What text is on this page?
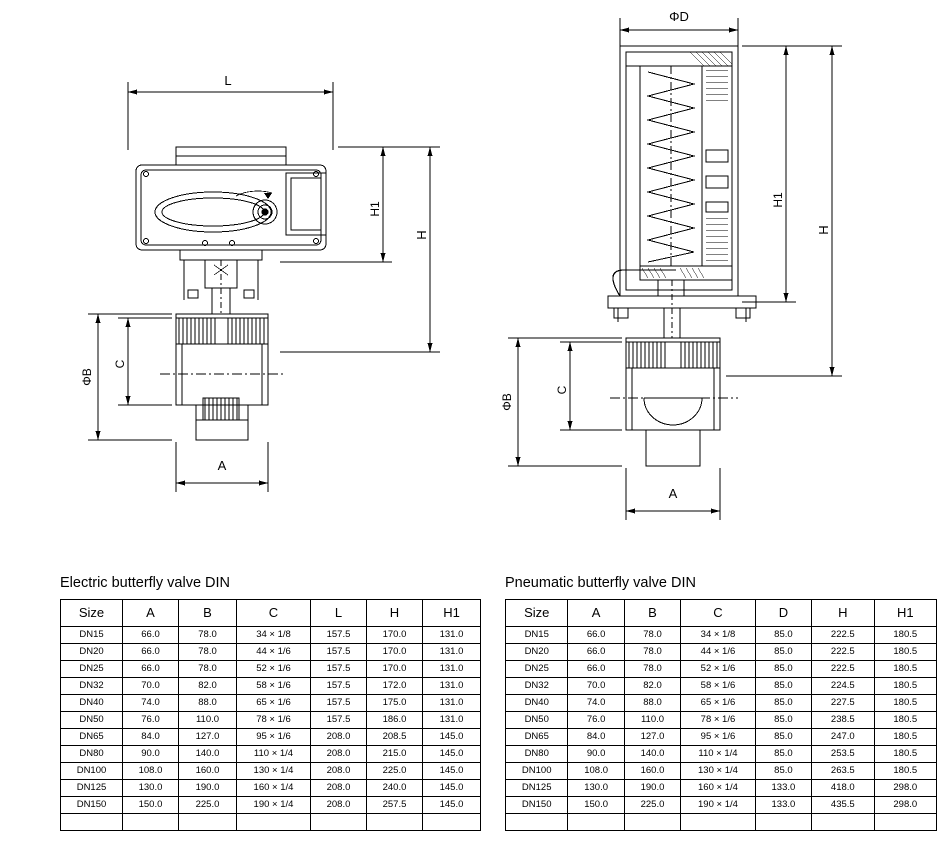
L
H
H1
A
ΦB
C
ΦD
H
H1
ΦB
C
A
Electric butterfly valve DIN
Size	A	B	C	L	H	H1
DN15	66.0	78.0	34 × 1/8	157.5	170.0	131.0
DN20	66.0	78.0	44 × 1/6	157.5	170.0	131.0
DN25	66.0	78.0	52 × 1/6	157.5	170.0	131.0
DN32	70.0	82.0	58 × 1/6	157.5	172.0	131.0
DN40	74.0	88.0	65 × 1/6	157.5	175.0	131.0
DN50	76.0	110.0	78 × 1/6	157.5	186.0	131.0
DN65	84.0	127.0	95 × 1/6	208.0	208.5	145.0
DN80	90.0	140.0	110 × 1/4	208.0	215.0	145.0
DN100	108.0	160.0	130 × 1/4	208.0	225.0	145.0
DN125	130.0	190.0	160 × 1/4	208.0	240.0	145.0
DN150	150.0	225.0	190 × 1/4	208.0	257.5	145.0

Pneumatic butterfly valve DIN
Size	A	B	C	D	H	H1
DN15	66.0	78.0	34 × 1/8	85.0	222.5	180.5
DN20	66.0	78.0	44 × 1/6	85.0	222.5	180.5
DN25	66.0	78.0	52 × 1/6	85.0	222.5	180.5
DN32	70.0	82.0	58 × 1/6	85.0	224.5	180.5
DN40	74.0	88.0	65 × 1/6	85.0	227.5	180.5
DN50	76.0	110.0	78 × 1/6	85.0	238.5	180.5
DN65	84.0	127.0	95 × 1/6	85.0	247.0	180.5
DN80	90.0	140.0	110 × 1/4	85.0	253.5	180.5
DN100	108.0	160.0	130 × 1/4	85.0	263.5	180.5
DN125	130.0	190.0	160 × 1/4	133.0	418.0	298.0
DN150	150.0	225.0	190 × 1/4	133.0	435.5	298.0
